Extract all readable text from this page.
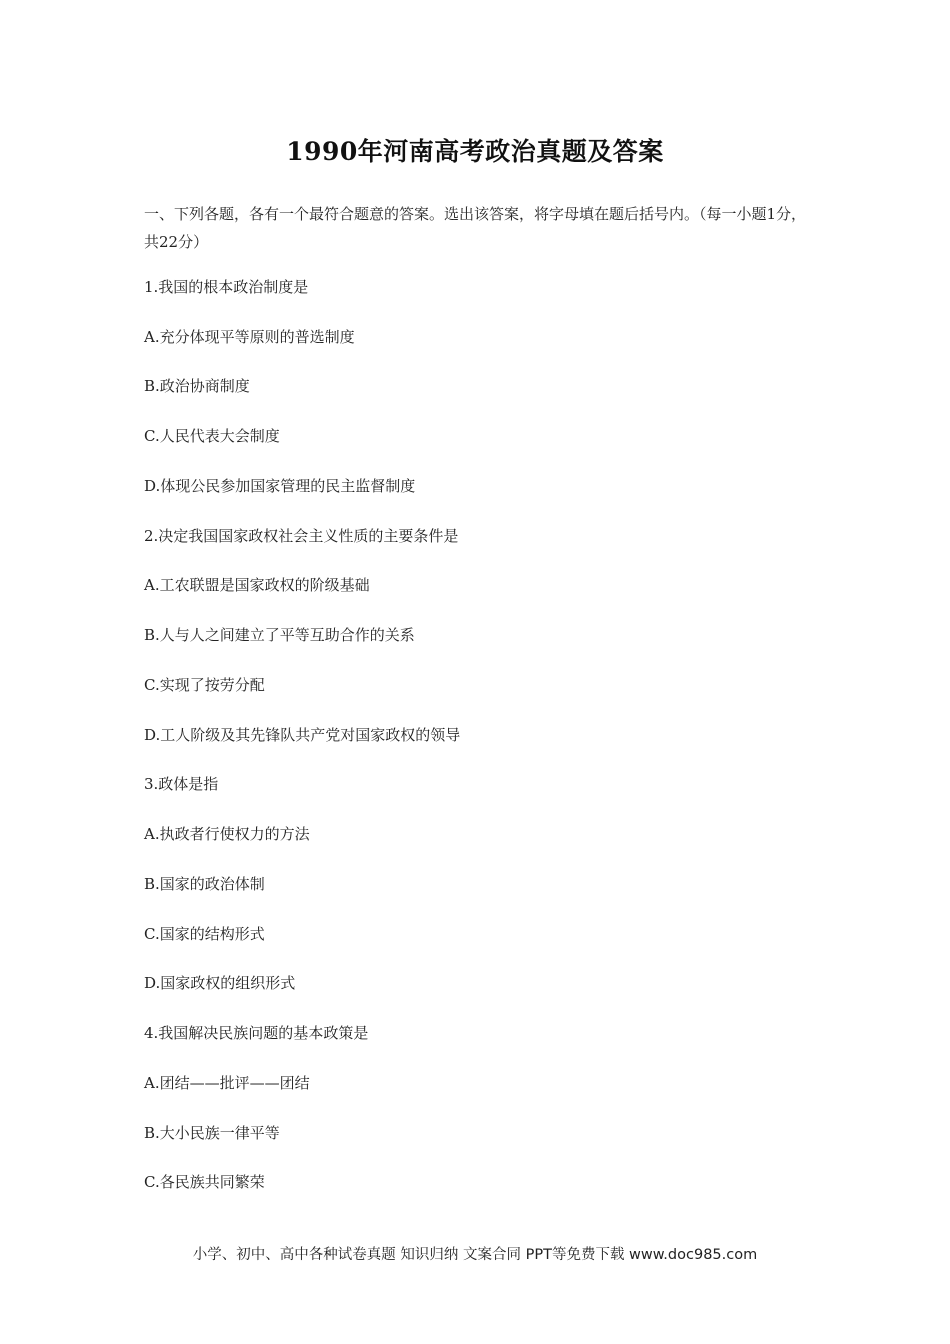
1990年河南高考政治真题及答案
一、下列各题，各有一个最符合题意的答案。选出该答案，将字母填在题后括号内。（每一小题1分，共22分）
1.我国的根本政治制度是
A.充分体现平等原则的普选制度
B.政治协商制度
C.人民代表大会制度
D.体现公民参加国家管理的民主监督制度
2.决定我国国家政权社会主义性质的主要条件是
A.工农联盟是国家政权的阶级基础
B.人与人之间建立了平等互助合作的关系
C.实现了按劳分配
D.工人阶级及其先锋队共产党对国家政权的领导
3.政体是指
A.执政者行使权力的方法
B.国家的政治体制
C.国家的结构形式
D.国家政权的组织形式
4.我国解决民族问题的基本政策是
A.团结——批评——团结
B.大小民族一律平等
C.各民族共同繁荣
小学、初中、高中各种试卷真题 知识归纳 文案合同 PPT等免费下载 www.doc985.com
